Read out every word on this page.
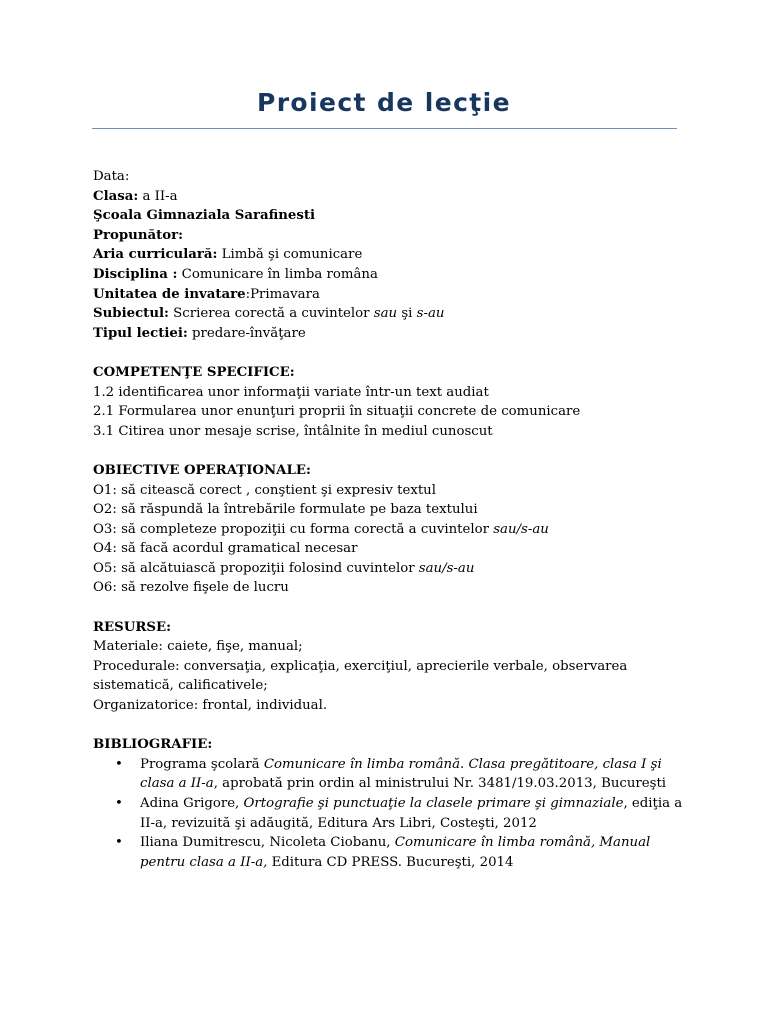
Proiect de lecţie
Data:
Clasa: a II-a
Şcoala Gimnaziala Sarafinesti
Propunător:
Aria curriculară: Limbă şi comunicare
Disciplina : Comunicare în limba româna
Unitatea de invatare:Primavara
Subiectul: Scrierea corectă a cuvintelor sau şi s-au
Tipul lectiei: predare-învăţare
COMPETENŢE SPECIFICE:
1.2 identificarea unor informaţii variate într-un text audiat
2.1 Formularea unor enunţuri proprii în situaţii concrete de comunicare
3.1 Citirea unor mesaje scrise, întâlnite în mediul cunoscut
OBIECTIVE OPERAŢIONALE:
O1: să citească corect , conştient şi expresiv textul
O2: să răspundă la întrebările formulate pe baza textului
O3: să completeze propoziţii cu forma corectă a cuvintelor sau/s-au
O4: să facă acordul gramatical necesar
O5: să alcătuiască propoziţii folosind cuvintelor sau/s-au
O6: să rezolve fişele de lucru
RESURSE:
Materiale: caiete, fişe, manual;
Procedurale: conversaţia, explicaţia, exerciţiul, aprecierile verbale, observarea sistematică, calificativele;
Organizatorice: frontal, individual.
BIBLIOGRAFIE:
• Programa şcolară Comunicare în limba română. Clasa pregătitoare, clasa I şi clasa a II-a, aprobată prin ordin al ministrului Nr. 3481/19.03.2013, Bucureşti
• Adina Grigore, Ortografie şi punctuaţie la clasele primare şi gimnaziale, ediţia a II-a, revizuită şi adăugită, Editura Ars Libri, Costeşti, 2012
• Iliana Dumitrescu, Nicoleta Ciobanu, Comunicare în limba română, Manual pentru clasa a II-a, Editura CD PRESS. Bucureşti, 2014
